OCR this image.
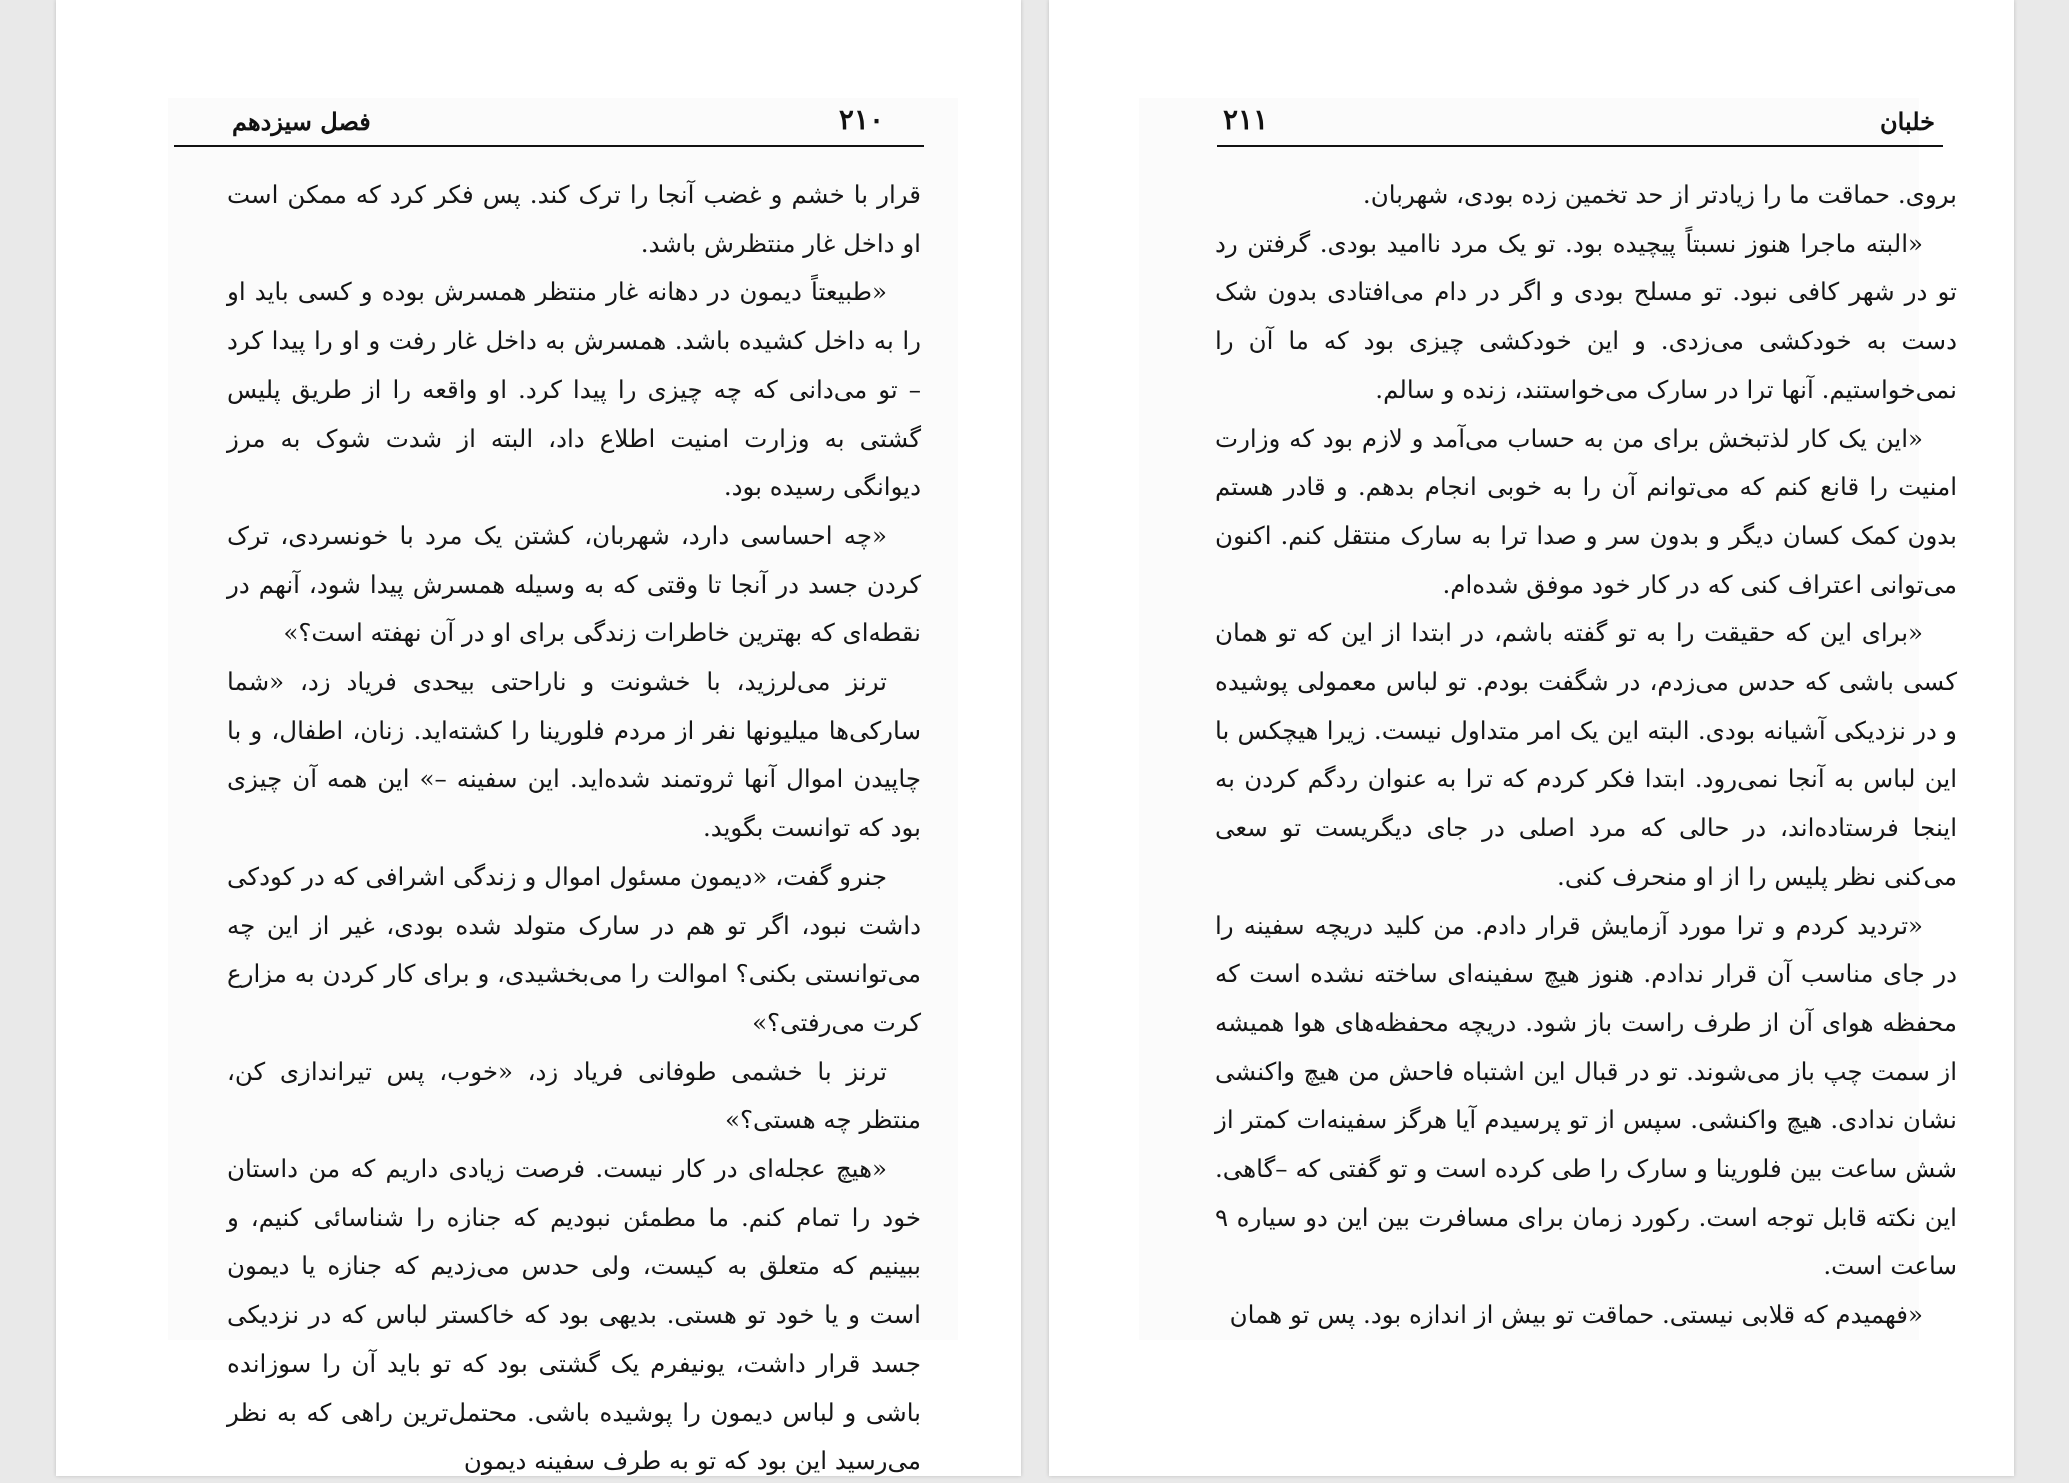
فصل سیزدهم	۲۱۰

قرار با خشم و غضب آنجا را ترک کند. پس فکر کرد که ممکن است او داخل غار منتظرش باشد.

«طبیعتاً دیمون در دهانه غار منتظر همسرش بوده و کسی باید او را به داخل کشیده باشد. همسرش به داخل غار رفت و او را پیدا کرد – تو می‌دانی که چه چیزی را پیدا کرد. او واقعه را از طریق پلیس گشتی به وزارت امنیت اطلاع داد، البته از شدت شوک به مرز دیوانگی رسیده بود.

«چه احساسی دارد، شهربان، کشتن یک مرد با خونسردی، ترک کردن جسد در آنجا تا وقتی که به وسیله همسرش پیدا شود، آنهم در نقطه‌ای که بهترین خاطرات زندگی برای او در آن نهفته است؟»

ترنز می‌لرزید، با خشونت و ناراحتی بیحدی فریاد زد، «شما سارکی‌ها میلیونها نفر از مردم فلورینا را کشته‌اید. زنان، اطفال، و با چاپیدن اموال آنها ثروتمند شده‌اید. این سفینه –» این همه آن چیزی بود که توانست بگوید.

جنرو گفت، «دیمون مسئول اموال و زندگی اشرافی که در کودکی داشت نبود، اگر تو هم در سارک متولد شده بودی، غیر از این چه می‌توانستی بکنی؟ اموالت را می‌بخشیدی، و برای کار کردن به مزارع کرت می‌رفتی؟»

ترنز با خشمی طوفانی فریاد زد، «خوب، پس تیراندازی کن، منتظر چه هستی؟»

«هیچ عجله‌ای در کار نیست. فرصت زیادی داریم که من داستان خود را تمام کنم. ما مطمئن نبودیم که جنازه را شناسائی کنیم، و ببینیم که متعلق به کیست، ولی حدس می‌زدیم که جنازه یا دیمون است و یا خود تو هستی. بدیهی بود که خاکستر لباس که در نزدیکی جسد قرار داشت، یونیفرم یک گشتی بود که تو باید آن را سوزانده باشی و لباس دیمون را پوشیده باشی. محتمل‌ترین راهی که به نظر می‌رسید این بود که تو به طرف سفینه دیمون

خلبان
۲۱۱

بروی. حماقت ما را زیادتر از حد تخمین زده بودی، شهربان.

«البته ماجرا هنوز نسبتاً پیچیده بود. تو یک مرد ناامید بودی. گرفتن رد تو در شهر کافی نبود. تو مسلح بودی و اگر در دام می‌افتادی بدون شک دست به خودکشی می‌زدی. و این خودکشی چیزی بود که ما آن را نمی‌خواستیم. آنها ترا در سارک می‌خواستند، زنده و سالم.

«این یک کار لذتبخش برای من به حساب می‌آمد و لازم بود که وزارت امنیت را قانع کنم که می‌توانم آن را به خوبی انجام بدهم. و قادر هستم بدون کمک کسان دیگر و بدون سر و صدا ترا به سارک منتقل کنم. اکنون می‌توانی اعتراف کنی که در کار خود موفق شده‌ام.

«برای این که حقیقت را به تو گفته باشم، در ابتدا از این که تو همان کسی باشی که حدس می‌زدم، در شگفت بودم. تو لباس معمولی پوشیده و در نزدیکی آشیانه بودی. البته این یک امر متداول نیست. زیرا هیچکس با این لباس به آنجا نمی‌رود. ابتدا فکر کردم که ترا به عنوان ردگم کردن به اینجا فرستاده‌اند، در حالی که مرد اصلی در جای دیگریست تو سعی می‌کنی نظر پلیس را از او منحرف کنی.

«تردید کردم و ترا مورد آزمایش قرار دادم. من کلید دریچه سفینه را در جای مناسب آن قرار ندادم. هنوز هیچ سفینه‌ای ساخته نشده است که محفظه هوای آن از طرف راست باز شود. دریچه محفظه‌های هوا همیشه از سمت چپ باز می‌شوند. تو در قبال این اشتباه فاحش من هیچ واکنشی نشان ندادی. هیچ واکنشی. سپس از تو پرسیدم آیا هرگز سفینه‌ات کمتر از شش ساعت بین فلورینا و سارک را طی کرده است و تو گفتی که –گاهی. این نکته قابل توجه است. رکورد زمان برای مسافرت بین این دو سیاره ۹ ساعت است.

«فهمیدم که قلابی نیستی. حماقت تو بیش از اندازه بود. پس تو همان
